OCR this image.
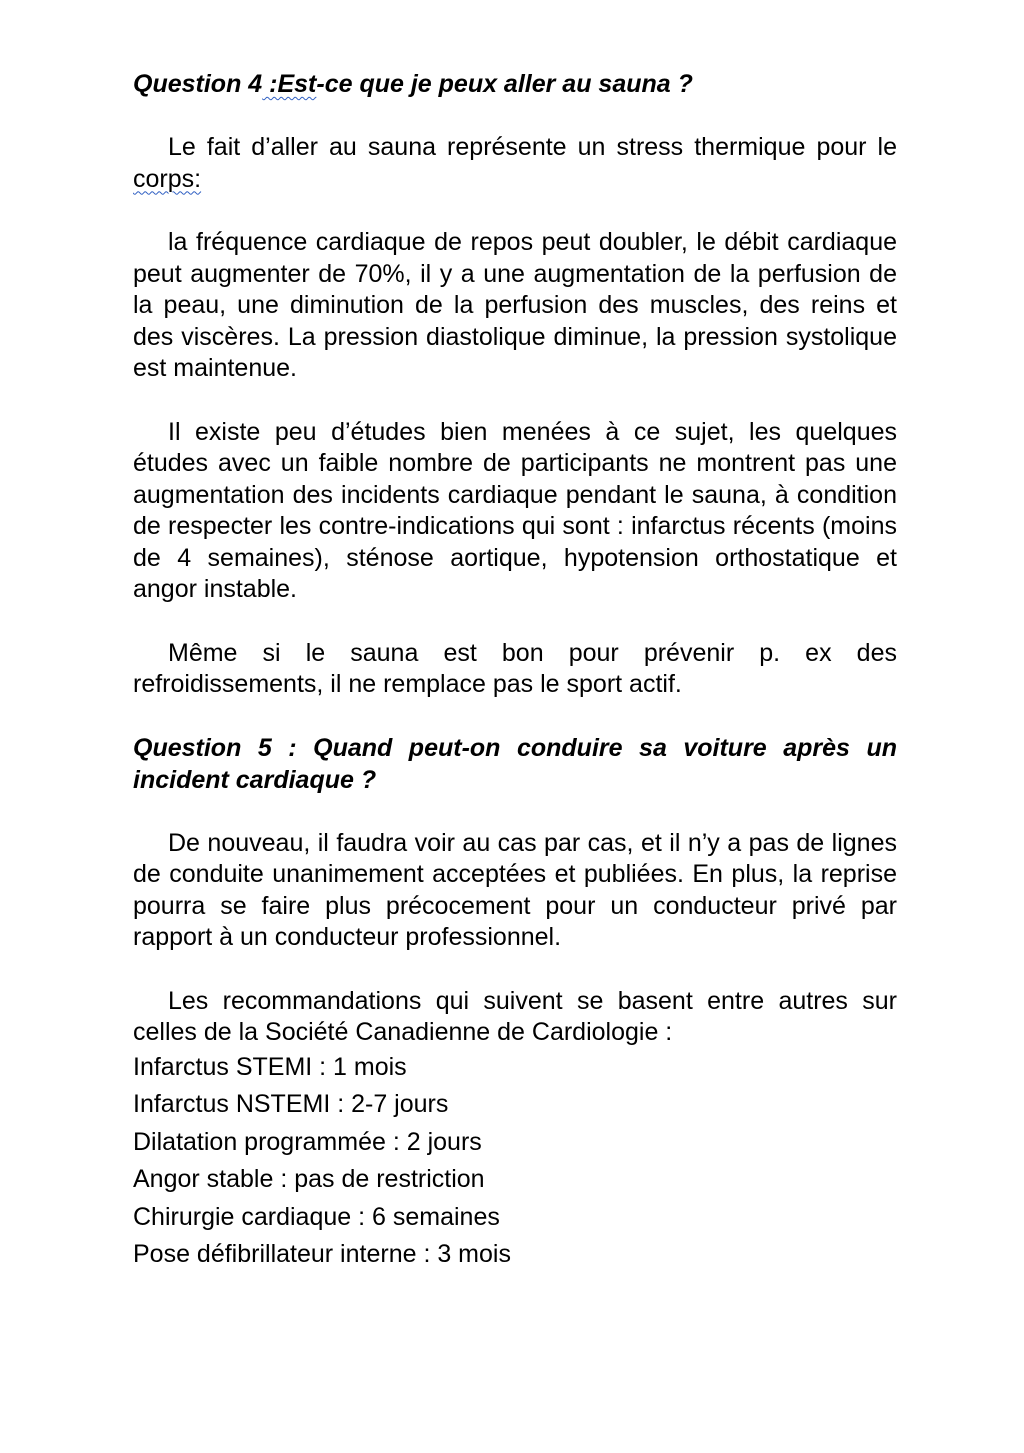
Question 4 :Est-ce que je peux aller au sauna ?

Le fait d’aller au sauna représente un stress thermique pour le corps:

la fréquence cardiaque de repos peut doubler, le débit cardiaque peut augmenter de 70%, il y a une augmentation de la perfusion de la peau, une diminution de la perfusion des muscles, des reins et des viscères. La pression diastolique diminue, la pression systolique est maintenue.

Il existe peu d’études bien menées à ce sujet, les quelques études avec un faible nombre de participants ne montrent pas une augmentation des incidents cardiaque pendant le sauna, à condition de respecter les contre-indications qui sont : infarctus récents (moins de 4 semaines), sténose aortique, hypotension orthostatique et angor instable.

Même si le sauna est bon pour prévenir p. ex des refroidissements, il ne remplace pas le sport actif.

Question 5 : Quand peut-on conduire sa voiture après un incident cardiaque ?

De nouveau, il faudra voir au cas par cas, et il n’y a pas de lignes de conduite unanimement acceptées et publiées. En plus, la reprise pourra se faire plus précocement pour un conducteur privé par rapport à un conducteur professionnel.

Les recommandations qui suivent se basent entre autres sur celles de la Société Canadienne de Cardiologie :

Infarctus STEMI : 1 mois
Infarctus NSTEMI : 2-7 jours
Dilatation programmée : 2 jours
Angor stable : pas de restriction
Chirurgie cardiaque : 6 semaines
Pose défibrillateur interne : 3 mois
